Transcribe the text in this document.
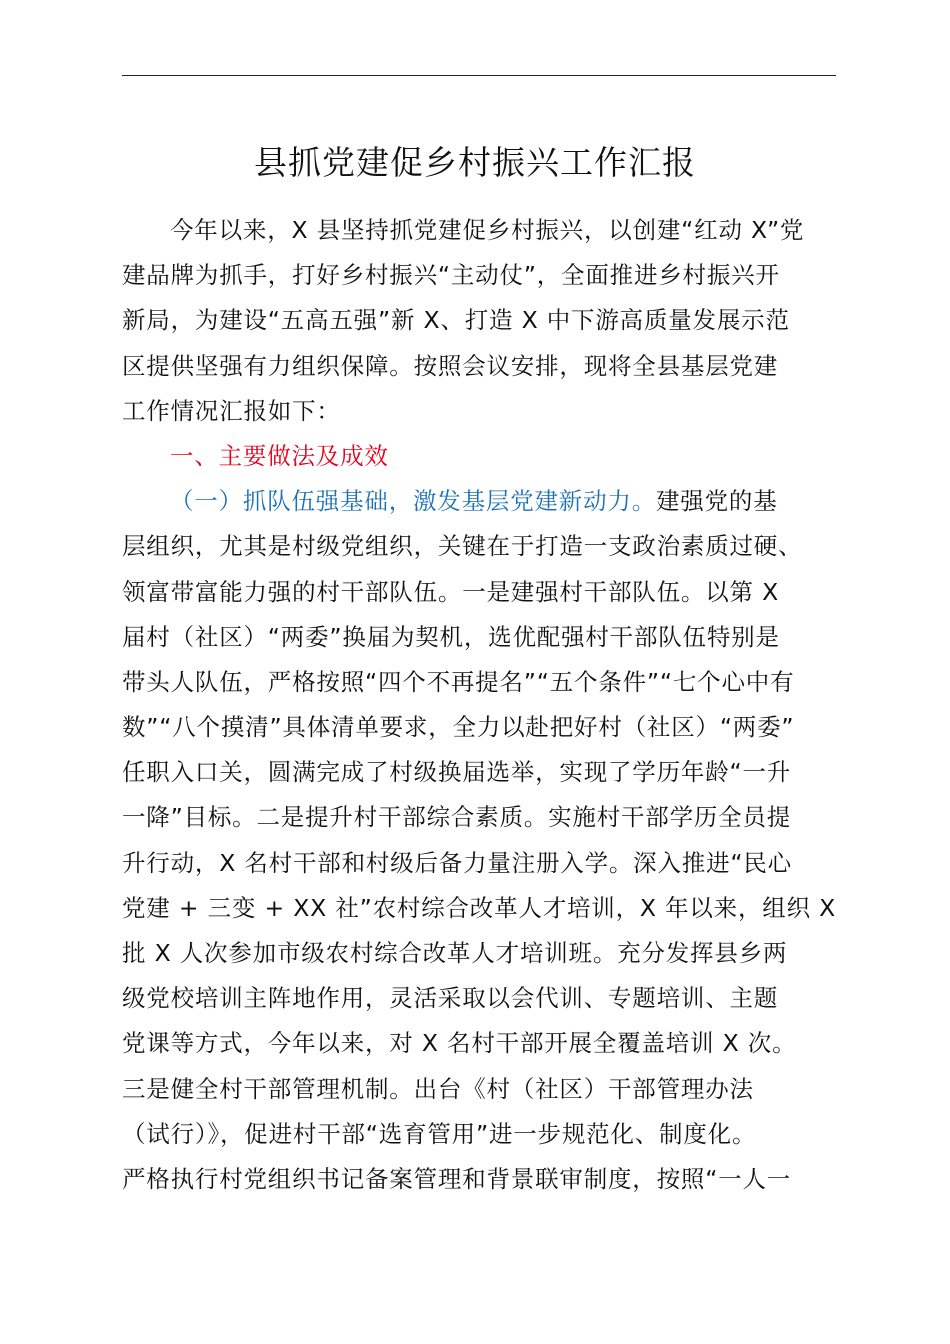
县抓党建促乡村振兴工作汇报
今年以来，X 县坚持抓党建促乡村振兴，以创建“红动 X”党
建品牌为抓手，打好乡村振兴“主动仗”，全面推进乡村振兴开
新局，为建设“五高五强”新 X、打造 X 中下游高质量发展示范
区提供坚强有力组织保障。按照会议安排，现将全县基层党建
工作情况汇报如下：
一、主要做法及成效
（一）抓队伍强基础，激发基层党建新动力。建强党的基
层组织，尤其是村级党组织，关键在于打造一支政治素质过硬、
领富带富能力强的村干部队伍。一是建强村干部队伍。以第 X
届村（社区）“两委”换届为契机，选优配强村干部队伍特别是
带头人队伍，严格按照“四个不再提名”“五个条件”“七个心中有
数”“八个摸清”具体清单要求，全力以赴把好村（社区）“两委”
任职入口关，圆满完成了村级换届选举，实现了学历年龄“一升
一降”目标。二是提升村干部综合素质。实施村干部学历全员提
升行动，X 名村干部和村级后备力量注册入学。深入推进“民心
党建 + 三变 + XX 社”农村综合改革人才培训，X 年以来，组织 X
批 X 人次参加市级农村综合改革人才培训班。充分发挥县乡两
级党校培训主阵地作用，灵活采取以会代训、专题培训、主题
党课等方式，今年以来，对 X 名村干部开展全覆盖培训 X 次。
三是健全村干部管理机制。出台《村（社区）干部管理办法
（试行）》，促进村干部“选育管用”进一步规范化、制度化。
严格执行村党组织书记备案管理和背景联审制度，按照“一人一
